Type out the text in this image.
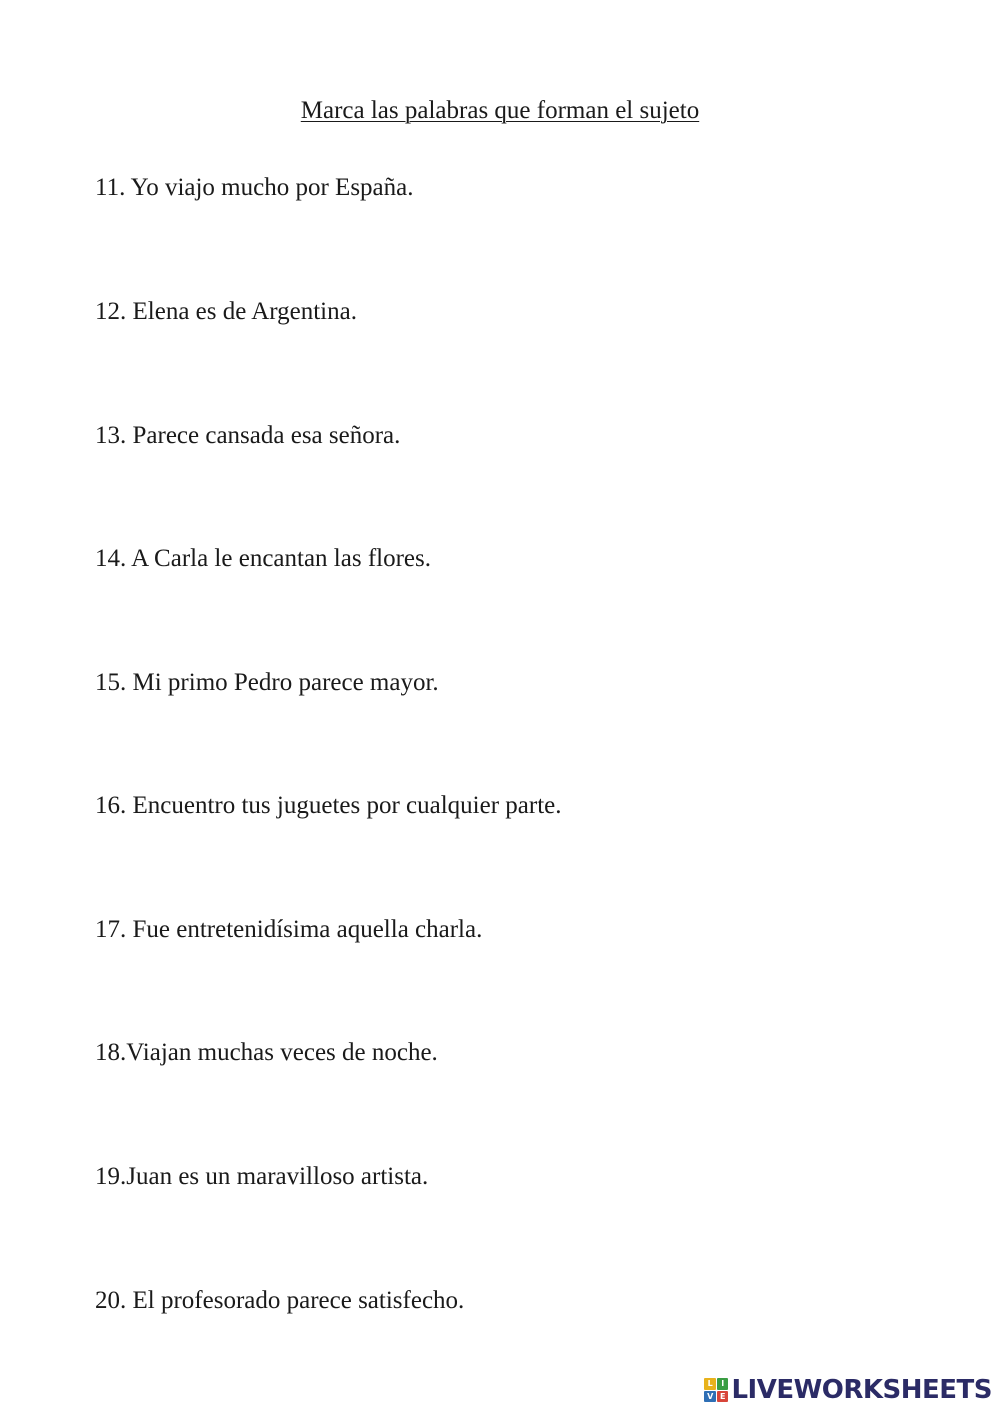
Marca las palabras que forman el sujeto
11. Yo viajo mucho por España.
12. Elena es de Argentina.
13. Parece cansada esa señora.
14. A Carla le encantan las flores.
15. Mi primo Pedro parece mayor.
16. Encuentro tus juguetes por cualquier parte.
17. Fue entretenidísima aquella charla.
18.Viajan muchas veces de noche.
19.Juan es un maravilloso artista.
20. El profesorado parece satisfecho.
L	I
V E LIVEWORKSHEETS
